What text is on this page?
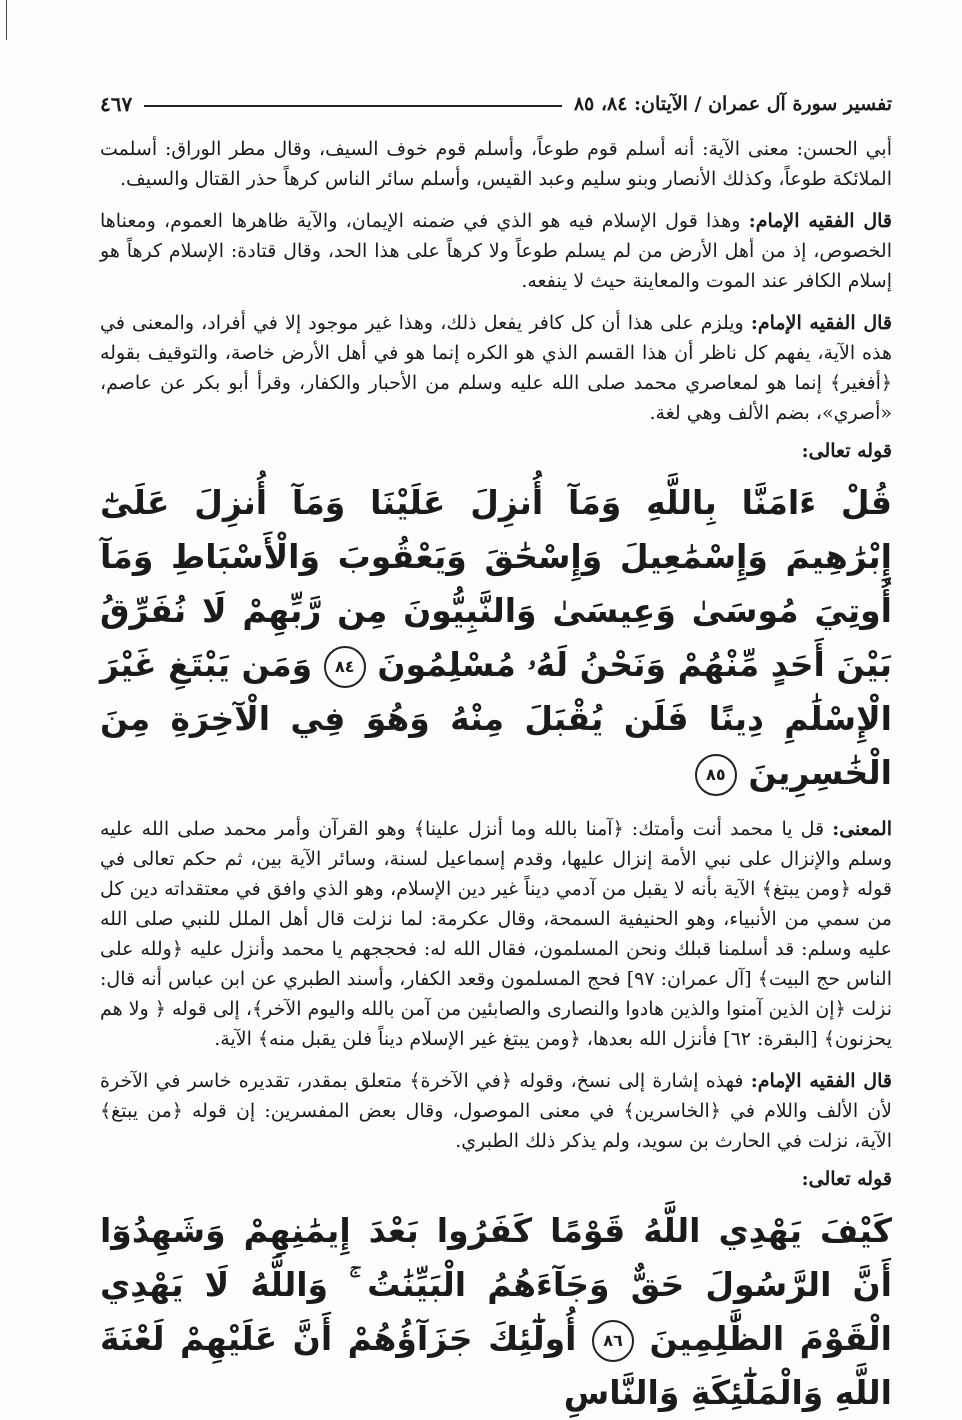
تفسير سورة آل عمران / الآيتان: ٨٤، ٨٥
٤٦٧

أبي الحسن: معنى الآية: أنه أسلم قوم طوعاً، وأسلم قوم خوف السيف، وقال مطر الوراق: أسلمت الملائكة طوعاً، وكذلك الأنصار وبنو سليم وعبد القيس، وأسلم سائر الناس كرهاً حذر القتال والسيف.

قال الفقيه الإمام: وهذا قول الإسلام فيه هو الذي في ضمنه الإيمان، والآية ظاهرها العموم، ومعناها الخصوص، إذ من أهل الأرض من لم يسلم طوعاً ولا كرهاً على هذا الحد، وقال قتادة: الإسلام كرهاً هو إسلام الكافر عند الموت والمعاينة حيث لا ينفعه.

قال الفقيه الإمام: ويلزم على هذا أن كل كافر يفعل ذلك، وهذا غير موجود إلا في أفراد، والمعنى في هذه الآية، يفهم كل ناظر أن هذا القسم الذي هو الكره إنما هو في أهل الأرض خاصة، والتوقيف بقوله ﴿أفغير﴾ إنما هو لمعاصري محمد صلى الله عليه وسلم من الأحبار والكفار، وقرأ أبو بكر عن عاصم، «أصري»، بضم الألف وهي لغة.

قوله تعالى:
قُلْ ءَامَنَّا بِاللَّهِ وَمَآ أُنزِلَ عَلَيْنَا وَمَآ أُنزِلَ عَلَىٰٓ إِبْرَٰهِيمَ وَإِسْمَٰعِيلَ وَإِسْحَٰقَ وَيَعْقُوبَ وَالْأَسْبَاطِ وَمَآ أُوتِيَ مُوسَىٰ وَعِيسَىٰ وَالنَّبِيُّونَ مِن رَّبِّهِمْ لَا نُفَرِّقُ بَيْنَ أَحَدٍ مِّنْهُمْ وَنَحْنُ لَهُۥ مُسْلِمُونَ ٨٤ وَمَن يَبْتَغِ غَيْرَ الْإِسْلَٰمِ دِينًا فَلَن يُقْبَلَ مِنْهُ وَهُوَ فِي الْآخِرَةِ مِنَ الْخَٰسِرِينَ ٨٥

المعنى: قل يا محمد أنت وأمتك: ﴿آمنا بالله وما أنزل علينا﴾ وهو القرآن وأمر محمد صلى الله عليه وسلم والإنزال على نبي الأمة إنزال عليها، وقدم إسماعيل لسنة، وسائر الآية بين، ثم حكم تعالى في قوله ﴿ومن يبتغ﴾ الآية بأنه لا يقبل من آدمي ديناً غير دين الإسلام، وهو الذي وافق في معتقداته دين كل من سمي من الأنبياء، وهو الحنيفية السمحة، وقال عكرمة: لما نزلت قال أهل الملل للنبي صلى الله عليه وسلم: قد أسلمنا قبلك ونحن المسلمون، فقال الله له: فحججهم يا محمد وأنزل عليه ﴿ولله على الناس حج البيت﴾ [آل عمران: ٩٧] فحج المسلمون وقعد الكفار، وأسند الطبري عن ابن عباس أنه قال: نزلت ﴿إن الذين آمنوا والذين هادوا والنصارى والصابئين من آمن بالله واليوم الآخر﴾، إلى قوله ﴿ ولا هم يحزنون﴾ [البقرة: ٦٢] فأنزل الله بعدها، ﴿ومن يبتغ غير الإسلام ديناً فلن يقبل منه﴾ الآية.

قال الفقيه الإمام: فهذه إشارة إلى نسخ، وقوله ﴿في الآخرة﴾ متعلق بمقدر، تقديره خاسر في الآخرة لأن الألف واللام في ﴿الخاسرين﴾ في معنى الموصول، وقال بعض المفسرين: إن قوله ﴿من يبتغ﴾ الآية، نزلت في الحارث بن سويد، ولم يذكر ذلك الطبري.

قوله تعالى:
كَيْفَ يَهْدِي اللَّهُ قَوْمًا كَفَرُوا بَعْدَ إِيمَٰنِهِمْ وَشَهِدُوٓا أَنَّ الرَّسُولَ حَقٌّ وَجَآءَهُمُ الْبَيِّنَٰتُ ۚ وَاللَّهُ لَا يَهْدِي الْقَوْمَ الظَّٰلِمِينَ ٨٦ أُولَٰٓئِكَ جَزَآؤُهُمْ أَنَّ عَلَيْهِمْ لَعْنَةَ اللَّهِ وَالْمَلَٰٓئِكَةِ وَالنَّاسِ
